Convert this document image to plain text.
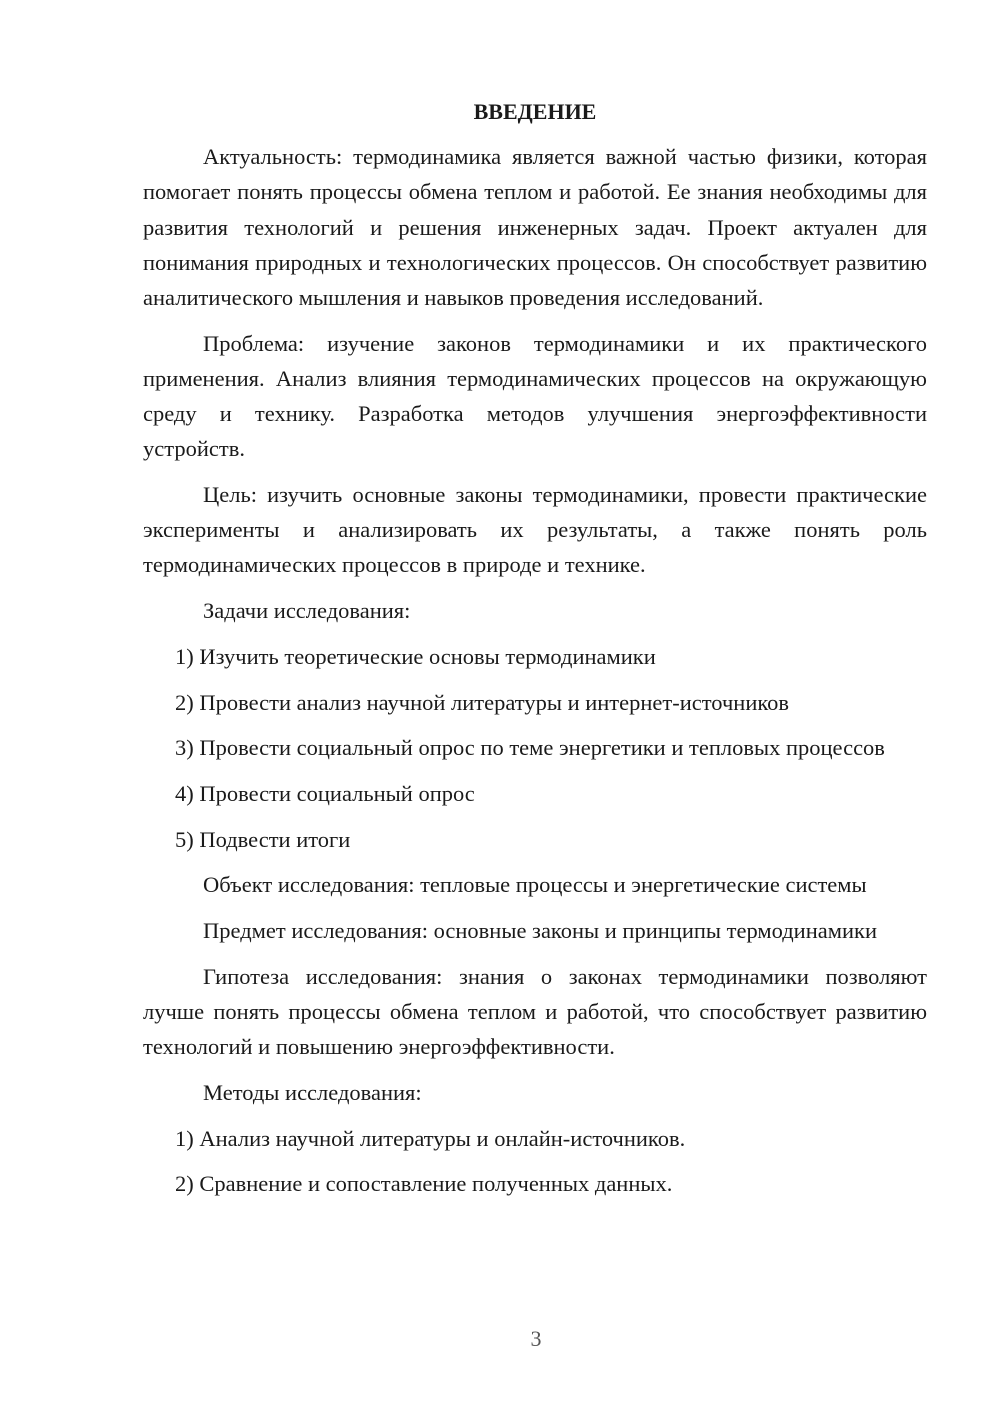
ВВЕДЕНИЕ

Актуальность: термодинамика является важной частью физики, которая помогает понять процессы обмена теплом и работой. Ее знания необходимы для развития технологий и решения инженерных задач. Проект актуален для понимания природных и технологических процессов. Он способствует развитию аналитического мышления и навыков проведения исследований.

Проблема: изучение законов термодинамики и их практического применения. Анализ влияния термодинамических процессов на окружающую среду и технику. Разработка методов улучшения энергоэффективности устройств.

Цель: изучить основные законы термодинамики, провести практические эксперименты и анализировать их результаты, а также понять роль термодинамических процессов в природе и технике.

Задачи исследования:

1) Изучить теоретические основы термодинамики

2) Провести анализ научной литературы и интернет-источников

3) Провести социальный опрос по теме энергетики и тепловых процессов

4) Провести социальный опрос

5) Подвести итоги

Объект исследования: тепловые процессы и энергетические системы

Предмет исследования: основные законы и принципы термодинамики

Гипотеза исследования: знания о законах термодинамики позволяют лучше понять процессы обмена теплом и работой, что способствует развитию технологий и повышению энергоэффективности.

Методы исследования:

1) Анализ научной литературы и онлайн-источников.

2) Сравнение и сопоставление полученных данных.

3
